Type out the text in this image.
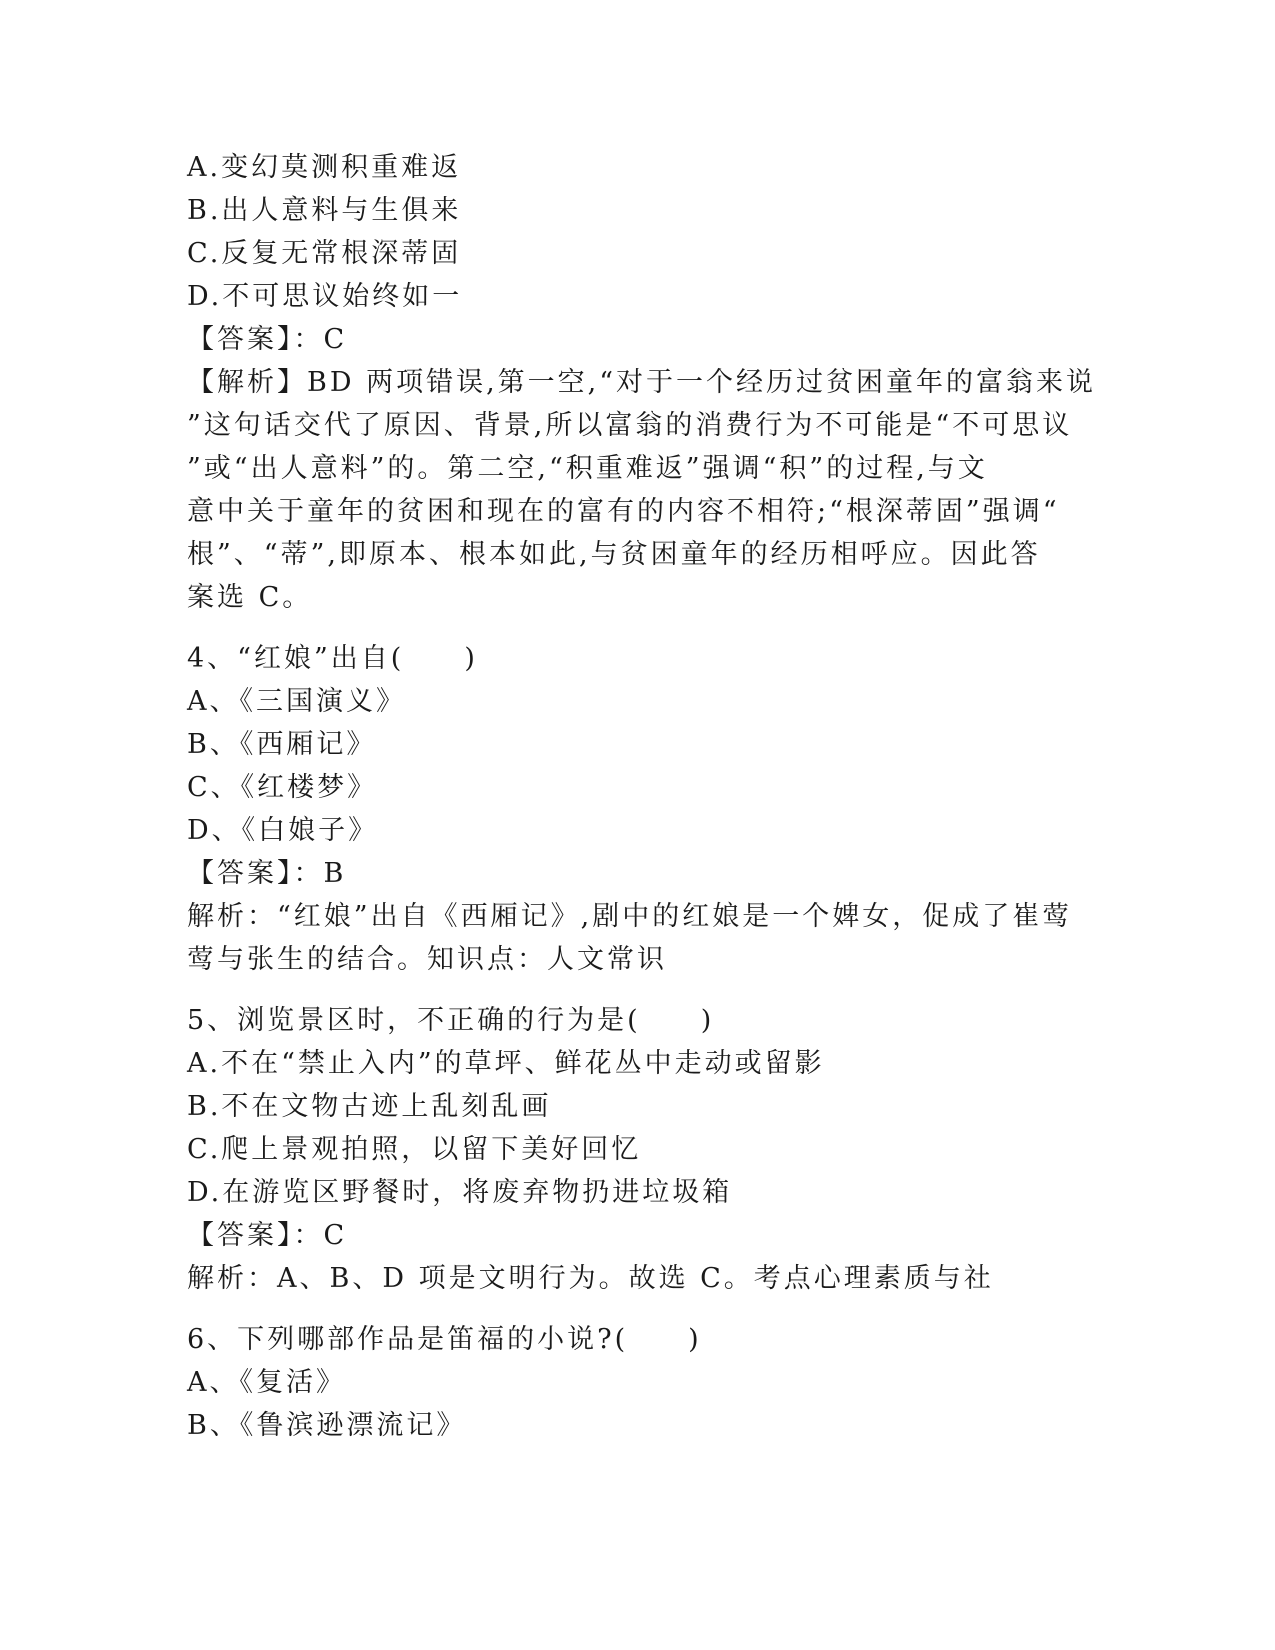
A.变幻莫测积重难返
B.出人意料与生俱来
C.反复无常根深蒂固
D.不可思议始终如一
【答案】：C
【解析】BD 两项错误,第一空,“对于一个经历过贫困童年的富翁来说
”这句话交代了原因、背景,所以富翁的消费行为不可能是“不可思议
”或“出人意料”的。第二空,“积重难返”强调“积”的过程,与文
意中关于童年的贫困和现在的富有的内容不相符;“根深蒂固”强调“
根”、“蒂”,即原本、根本如此,与贫困童年的经历相呼应。因此答
案选 C。
4、“红娘”出自(　　)
A、《三国演义》
B、《西厢记》
C、《红楼梦》
D、《白娘子》
【答案】：B
解析：“红娘”出自《西厢记》,剧中的红娘是一个婢女，促成了崔莺
莺与张生的结合。知识点：人文常识
5、浏览景区时，不正确的行为是(　　)
A.不在“禁止入内”的草坪、鲜花丛中走动或留影
B.不在文物古迹上乱刻乱画
C.爬上景观拍照，以留下美好回忆
D.在游览区野餐时，将废弃物扔进垃圾箱
【答案】：C
解析：A、B、D 项是文明行为。故选 C。考点心理素质与社
6、下列哪部作品是笛福的小说?(　　)
A、《复活》
B、《鲁滨逊漂流记》
